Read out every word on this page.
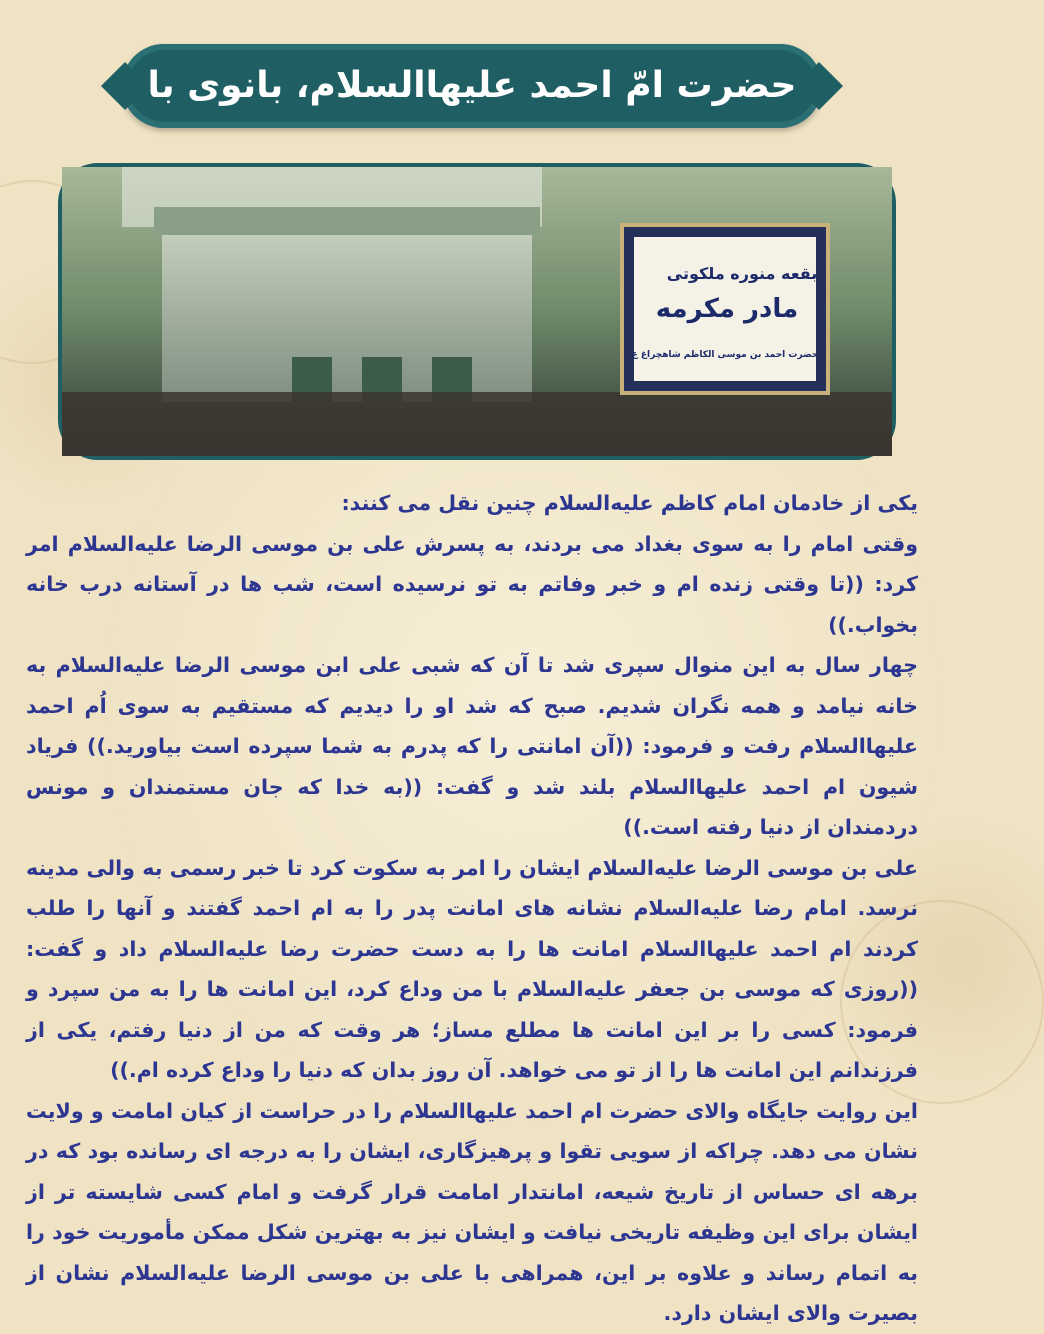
حضرت امّ احمد علیهاالسلام، بانوی با
بقعه منوره ملکوتی
مادر مکرمه
حضرت احمد بن موسی الکاظم شاهچراغ ع

یکی از خادمان امام کاظم علیه‌السلام چنین نقل می کنند:

وقتی امام را به سوی بغداد می بردند، به پسرش علی بن موسی الرضا علیه‌السلام امر کرد: ((تا وقتی زنده ام و خبر وفاتم به تو نرسیده است، شب ها در آستانه درب خانه بخواب.))

چهار سال به این منوال سپری شد تا آن که شبی علی ابن موسی الرضا علیه‌السلام به خانه نیامد و همه نگران شدیم. صبح که شد او را دیدیم که مستقیم به سوی اُم احمد علیهاالسلام رفت و فرمود: ((آن امانتی را که پدرم به شما سپرده است بیاورید.)) فریاد شیون ام احمد علیهاالسلام بلند شد و گفت: ((به خدا که جان مستمندان و مونس دردمندان از دنیا رفته است.))

علی بن موسی الرضا علیه‌السلام ایشان را امر به سکوت کرد تا خبر رسمی به والی مدینه نرسد. امام رضا علیه‌السلام نشانه های امانت پدر را به ام احمد گفتند و آنها را طلب کردند ام احمد علیهاالسلام امانت ها را به دست حضرت رضا علیه‌السلام داد و گفت: ((روزی که موسی بن جعفر علیه‌السلام با من وداع کرد، این امانت ها را به من سپرد و فرمود: کسی را بر این امانت ها مطلع مساز؛ هر وقت که من از دنیا رفتم، یکی از فرزندانم این امانت ها را از تو می خواهد. آن روز بدان که دنیا را وداع کرده ام.))

این روایت جایگاه والای حضرت ام احمد علیهاالسلام را در حراست از کیان امامت و ولایت نشان می دهد. چراکه از سویی تقوا و پرهیزگاری، ایشان را به درجه ای رسانده بود که در برهه ای حساس از تاریخ شیعه، امانتدار امامت قرار گرفت و امام کسی شایسته تر از ایشان برای این وظیفه تاریخی نیافت و ایشان نیز به بهترین شکل ممکن مأموریت خود را به اتمام رساند و علاوه بر این، همراهی با علی بن موسی الرضا علیه‌السلام نشان از بصیرت والای ایشان دارد.
